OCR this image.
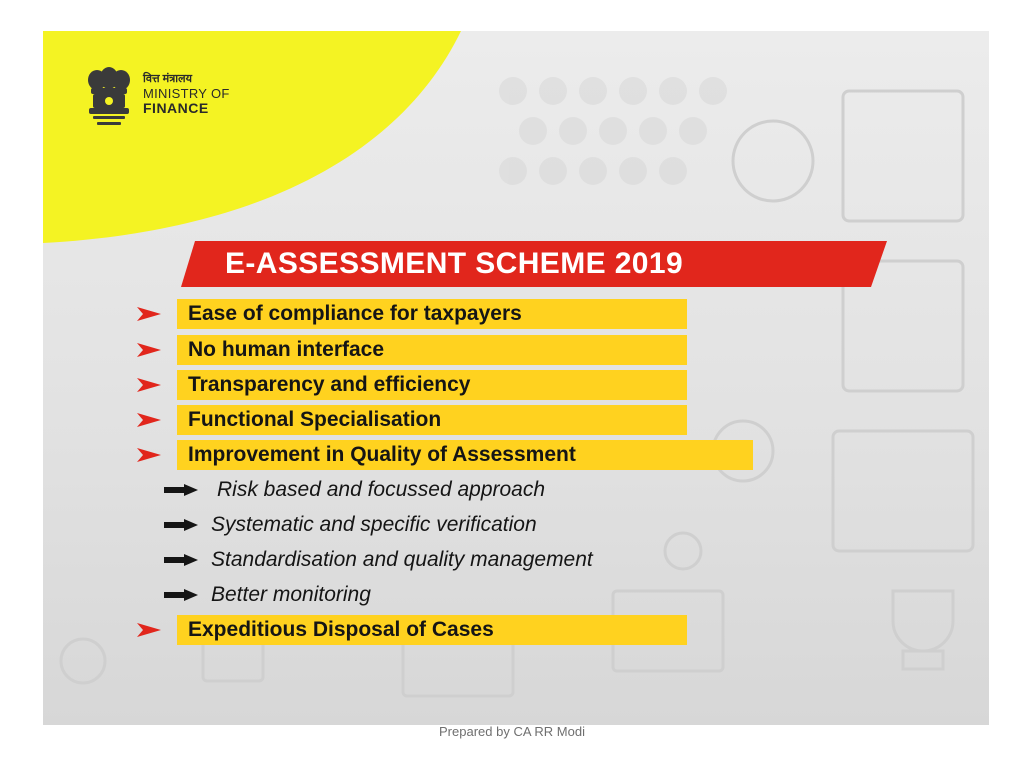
वित्त मंत्रालय
MINISTRY OF
FINANCE
E-ASSESSMENT SCHEME 2019
Ease of compliance for taxpayers
No human interface
Transparency and efficiency
Functional Specialisation
Improvement in Quality of Assessment
Risk based and focussed approach
Systematic and specific verification
Standardisation and quality management
Better monitoring
Expeditious Disposal of Cases
Prepared by CA RR Modi
